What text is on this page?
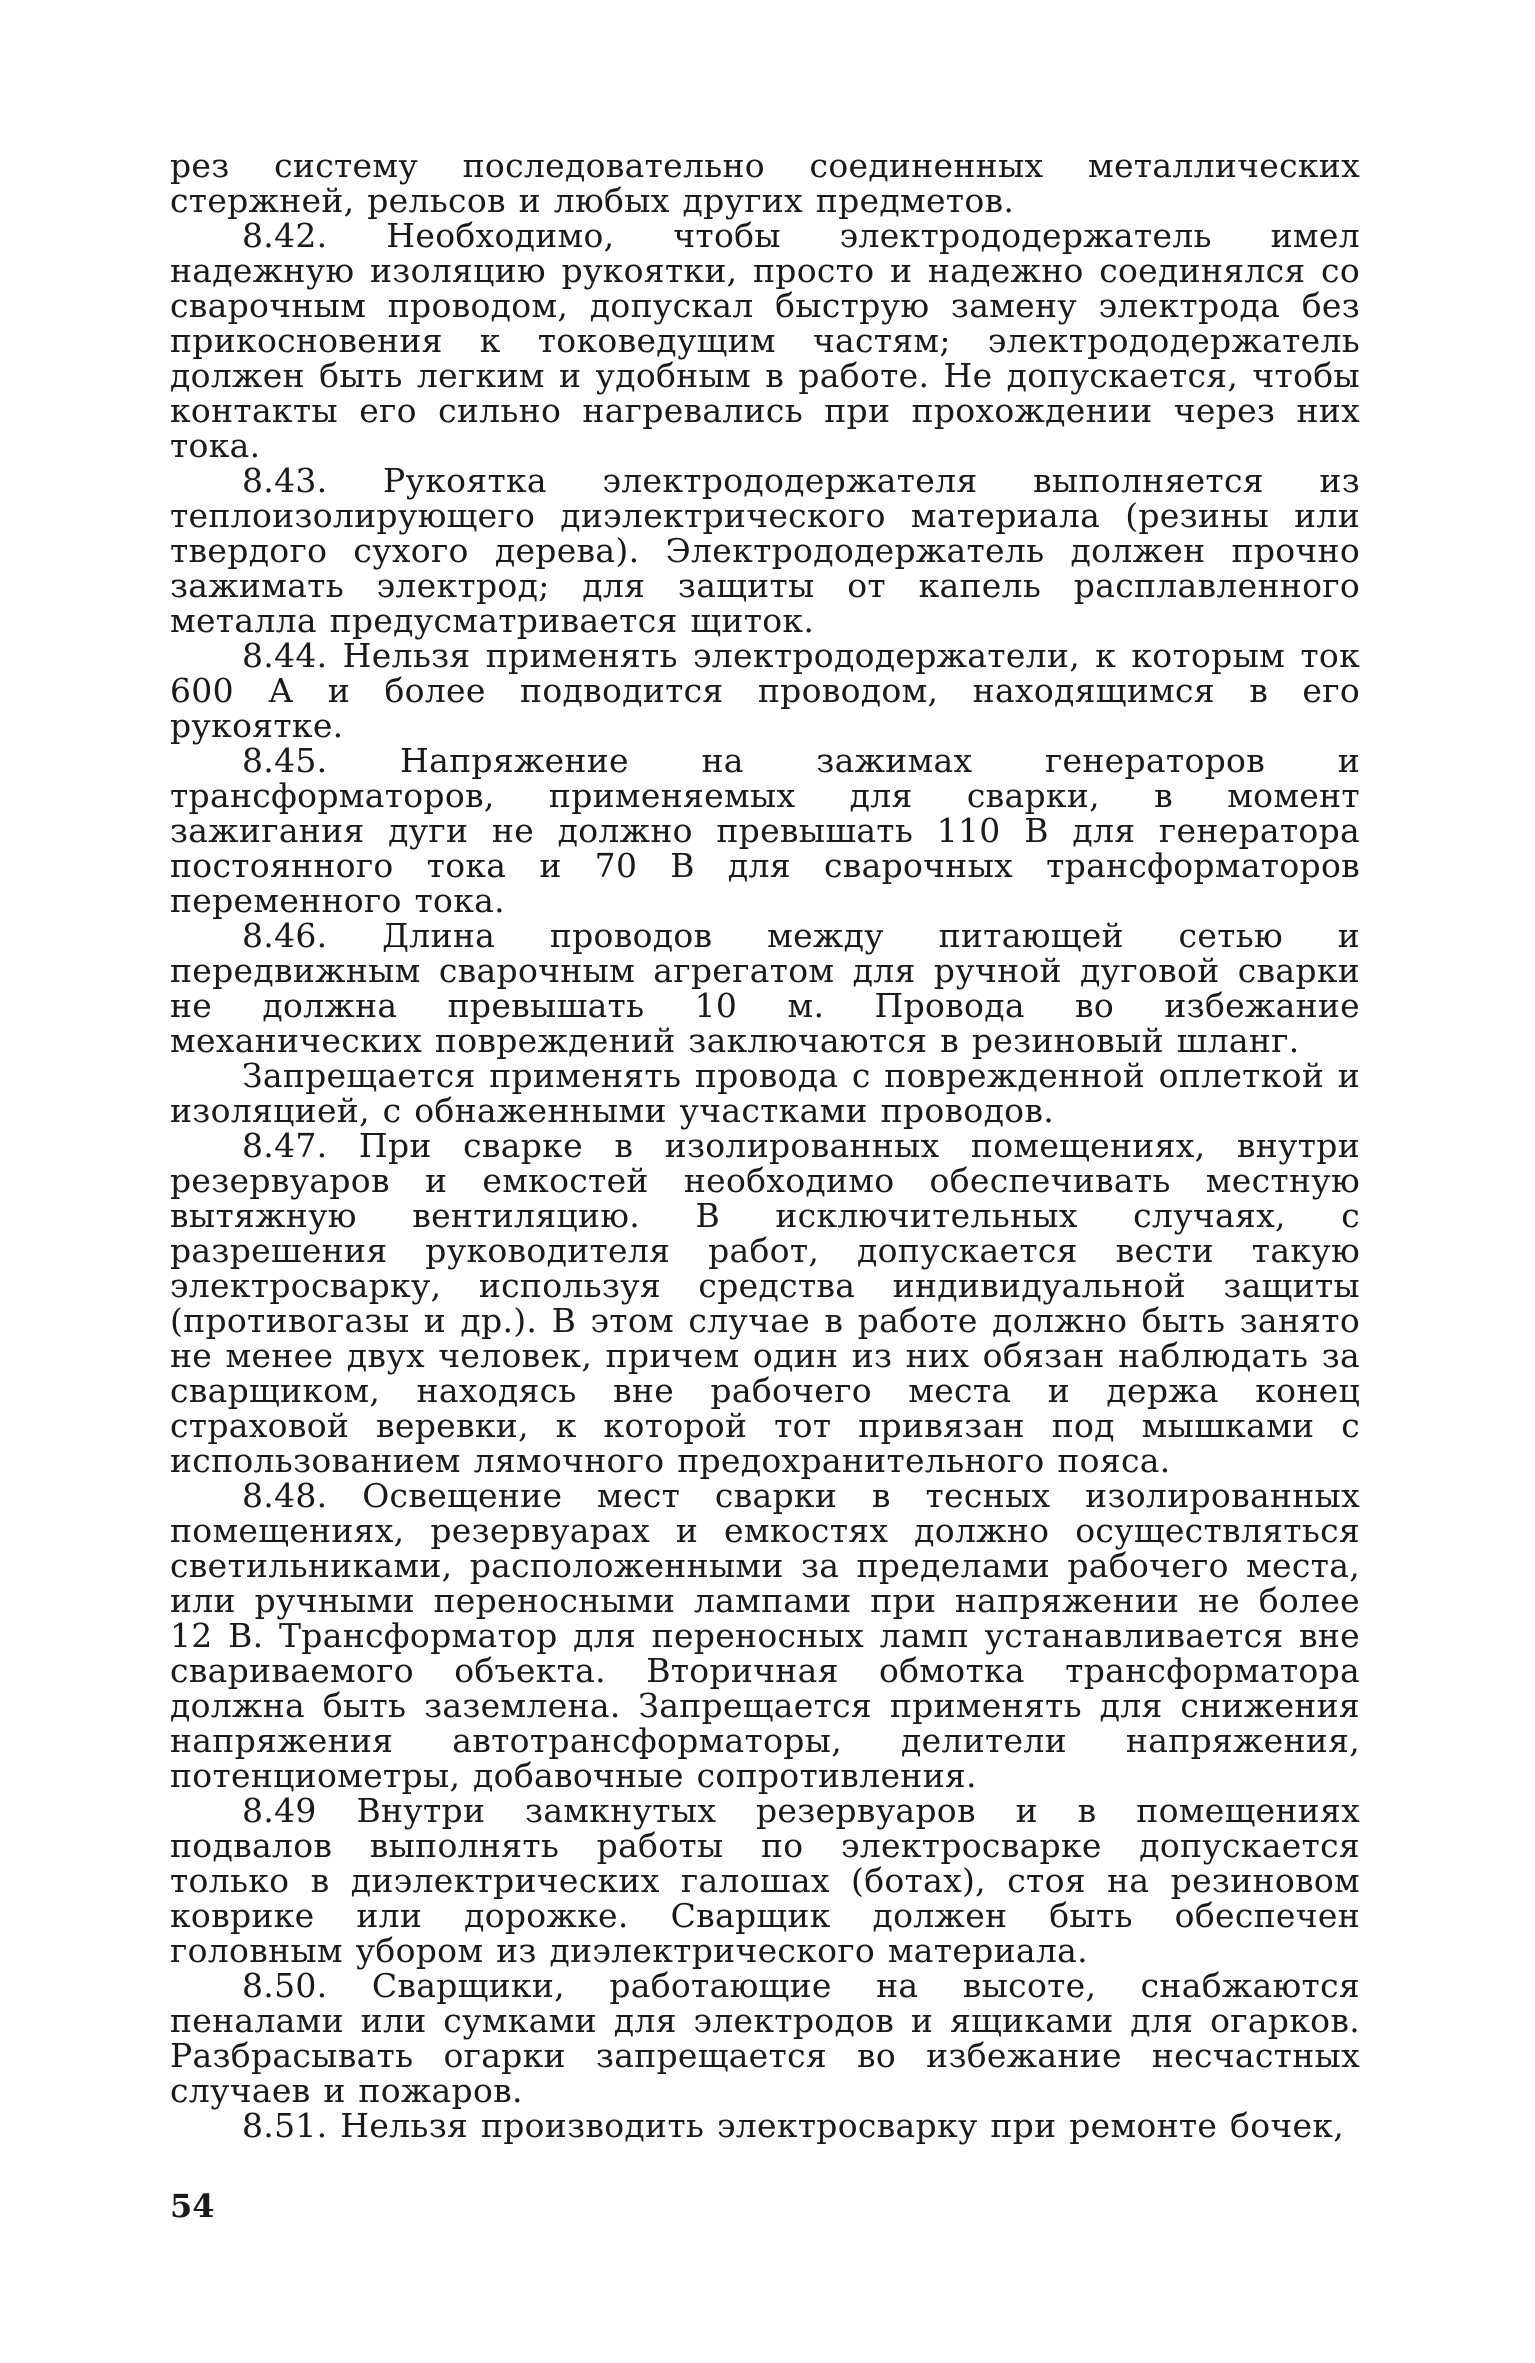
рез систему последовательно соединенных металлических стержней, рельсов и любых других предметов.

8.42. Необходимо, чтобы электрододержатель имел надежную изоляцию рукоятки, просто и надежно соединялся со сварочным проводом, допускал быструю замену электрода без прикосновения к токоведущим частям; электрододержатель должен быть легким и удобным в работе. Не допускается, чтобы контакты его сильно нагревались при прохождении через них тока.

8.43. Рукоятка электрододержателя выполняется из теплоизолирующего диэлектрического материала (резины или твердого сухого дерева). Электрододержатель должен прочно зажимать электрод; для защиты от капель расплавленного металла предусматривается щиток.

8.44. Нельзя применять электрододержатели, к которым ток 600 А и более подводится проводом, находящимся в его рукоятке.

8.45. Напряжение на зажимах генераторов и трансформаторов, применяемых для сварки, в момент зажигания дуги не должно превышать 110 В для генератора постоянного тока и 70 В для сварочных трансформаторов переменного тока.

8.46. Длина проводов между питающей сетью и передвижным сварочным агрегатом для ручной дуговой сварки не должна превышать 10 м. Провода во избежание механических повреждений заключаются в резиновый шланг.

Запрещается применять провода с поврежденной оплеткой и изоляцией, с обнаженными участками проводов.

8.47. При сварке в изолированных помещениях, внутри резервуаров и емкостей необходимо обеспечивать местную вытяжную вентиляцию. В исключительных случаях, с разрешения руководителя работ, допускается вести такую электросварку, используя средства индивидуальной защиты (противогазы и др.). В этом случае в работе должно быть занято не менее двух человек, причем один из них обязан наблюдать за сварщиком, находясь вне рабочего места и держа конец страховой веревки, к которой тот привязан под мышками с использованием лямочного предохранительного пояса.

8.48. Освещение мест сварки в тесных изолированных помещениях, резервуарах и емкостях должно осуществляться светильниками, расположенными за пределами рабочего места, или ручными переносными лампами при напряжении не более 12 В. Трансформатор для переносных ламп устанавливается вне свариваемого объекта. Вторичная обмотка трансформатора должна быть заземлена. Запрещается применять для снижения напряжения автотрансформаторы, делители напряжения, потенциометры, добавочные сопротивления.

8.49 Внутри замкнутых резервуаров и в помещениях подвалов выполнять работы по электросварке допускается только в диэлектрических галошах (ботах), стоя на резиновом коврике или дорожке. Сварщик должен быть обеспечен головным убором из диэлектрического материала.

8.50. Сварщики, работающие на высоте, снабжаются пеналами или сумками для электродов и ящиками для огарков. Разбрасывать огарки запрещается во избежание несчастных случаев и пожаров.

8.51. Нельзя производить электросварку при ремонте бочек,

54
